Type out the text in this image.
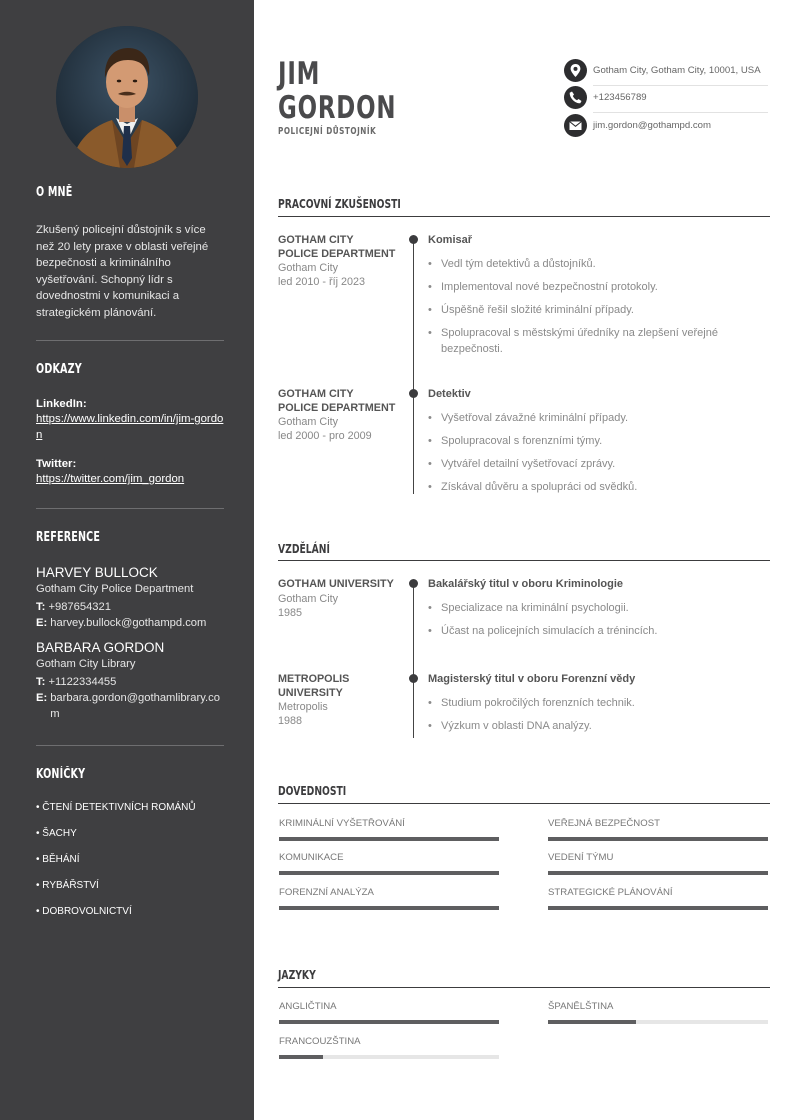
O MNĚ
Zkušený policejní důstojník s více než 20 lety praxe v oblasti veřejné bezpečnosti a kriminálního vyšetřování. Schopný lídr s dovednostmi v komunikaci a strategickém plánování.
ODKAZY
LinkedIn:
https://www.linkedin.com/in/jim-gordon
Twitter:
https://twitter.com/jim_gordon
REFERENCE
HARVEY BULLOCK
Gotham City Police Department
T: +987654321
E: harvey.bullock@gothampd.com
BARBARA GORDON
Gotham City Library
T: +1122334455
E: barbara.gordon@gothamlibrary.com
KONÍČKY
• ČTENÍ DETEKTIVNÍCH ROMÁNŮ
• ŠACHY
• BĚHÁNÍ
• RYBÁŘSTVÍ
• DOBROVOLNICTVÍ
JIM
GORDON
POLICEJNÍ DŮSTOJNÍK
Gotham City, Gotham City, 10001, USA
+123456789
jim.gordon@gothampd.com
PRACOVNÍ ZKUŠENOSTI
GOTHAM CITY POLICE DEPARTMENT
Gotham City
led 2010 - říj 2023
Komisař
• Vedl tým detektivů a důstojníků.
• Implementoval nové bezpečnostní protokoly.
• Úspěšně řešil složité kriminální případy.
• Spolupracoval s městskými úředníky na zlepšení veřejné bezpečnosti.
GOTHAM CITY POLICE DEPARTMENT
Gotham City
led 2000 - pro 2009
Detektiv
• Vyšetřoval závažné kriminální případy.
• Spolupracoval s forenzními týmy.
• Vytvářel detailní vyšetřovací zprávy.
• Získával důvěru a spolupráci od svědků.
VZDĚLÁNÍ
GOTHAM UNIVERSITY
Gotham City
1985
Bakalářský titul v oboru Kriminologie
• Specializace na kriminální psychologii.
• Účast na policejních simulacích a trénincích.
METROPOLIS UNIVERSITY
Metropolis
1988
Magisterský titul v oboru Forenzní vědy
• Studium pokročilých forenzních technik.
• Výzkum v oblasti DNA analýzy.
DOVEDNOSTI
KRIMINÁLNÍ VYŠETŘOVÁNÍ	VEŘEJNÁ BEZPEČNOST
KOMUNIKACE	VEDENÍ TÝMU
FORENZNÍ ANALÝZA	STRATEGICKÉ PLÁNOVÁNÍ
JAZYKY
ANGLIČTINA	ŠPANĚLŠTINA
FRANCOUZŠTINA
